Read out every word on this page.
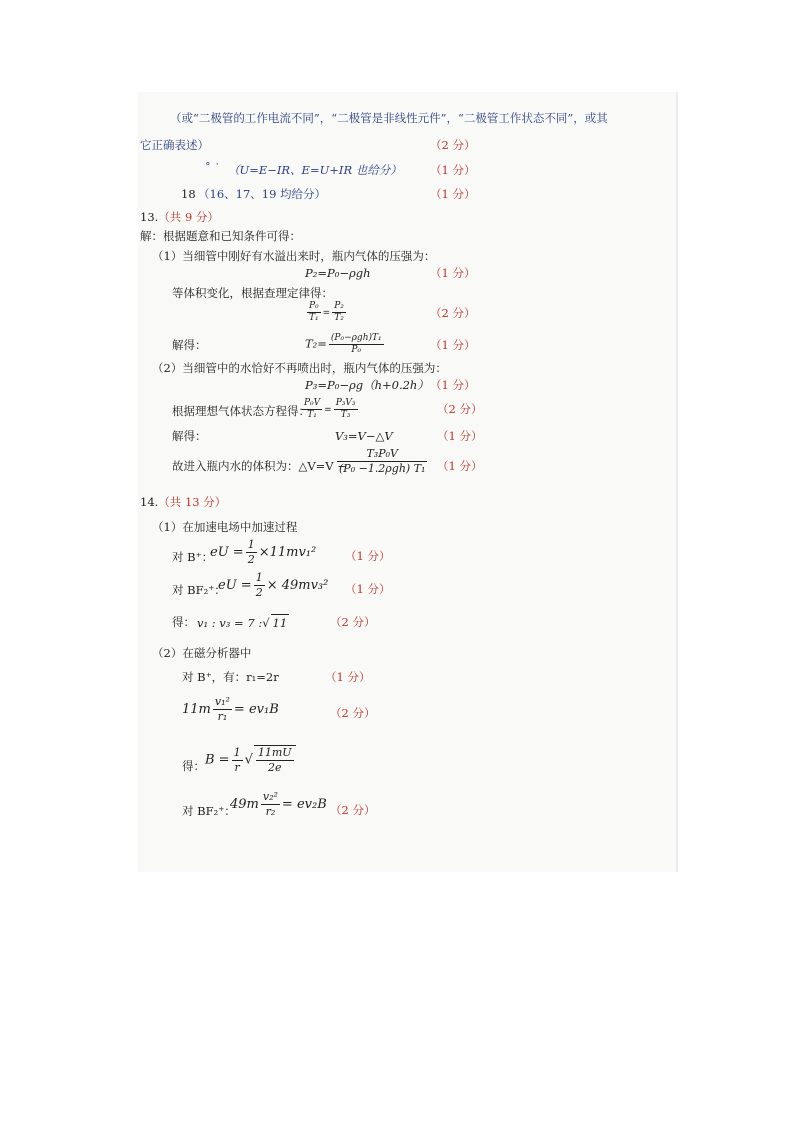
（或“二极管的工作电流不同”，“二极管是非线性元件”，“二极管工作状态不同”，或其
它正确表述）	（2 分）
˚ ˙ （U=E−IR、E=U+IR 也给分） （1 分）
18 （16、17、19 均给分）	（1 分）
13.（共 9 分）
解：根据题意和已知条件可得：
（1）当细管中刚好有水溢出来时，瓶内气体的压强为：
P₂=P₀−ρgh	（1 分）
等体积变化，根据查理定律得：
$\frac{\text{P₀}}{\text{T₁}} = \frac{\text{P₂}}{\text{T₂}}$	（2 分）
解得：	$T_2= \frac{\text{(P₀−ρgh)T₁}}{\text{P₀}}$	（1 分）
（2）当细管中的水恰好不再喷出时，瓶内气体的压强为：
P₃=P₀−ρg（h+0.2h） （1 分）
根据理想气体状态方程得：
$\frac{\text{P₀V}}{\text{T₁}} = \frac{\text{P₃V₃}}{\text{T₃}}$	（2 分）
解得：	V₃=V−△V	（1 分）
故进入瓶内水的体积为：△V=V −
$\frac{\text{T₃P₀V}}{\text{(P₀ −1.2ρgh) T₁}} (1$ 分）
14.（共 13 分）
（1）在加速电场中加速过程
对 B⁺：
eU = $\frac{1}{2} \times 11mv_1^2$	（1 分）
对 BF₂⁺：
eU = $\frac{1}{2} \times 49mv_3^2$ （1 分）
得： v₁ : v₃ = 7 :√ 11	（2 分）
（2）在磁分析器中
对 B⁺，有：r₁=2r	（1 分）
$11m \frac{\text{v₁²}}{\text{r₁}} = ev_1B$	（2 分）
得： $B = \frac{1}{r}$ √ $\frac{11mU}{2e}$
对 BF₂⁺：
$49m \frac{\text{v₂²}}{\text{r₂}} = ev_2B$ （2 分）
